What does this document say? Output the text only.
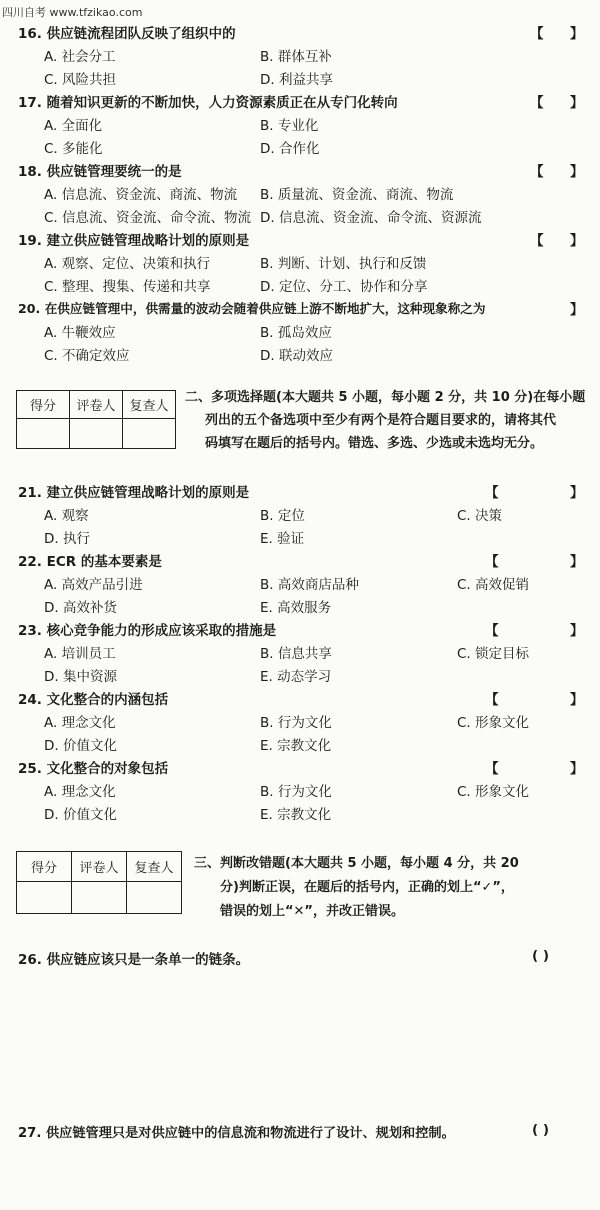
四川自考 www.tfzikao.com
16. 供应链流程团队反映了组织中的	【 】
A. 社会分工	B. 群体互补
C. 风险共担	D. 利益共享
17. 随着知识更新的不断加快，人力资源素质正在从专门化转向	【 】
A. 全面化	B. 专业化
C. 多能化	D. 合作化
18. 供应链管理要统一的是	【 】
A. 信息流、资金流、商流、物流 B. 质量流、资金流、商流、物流
C. 信息流、资金流、命令流、物流 D. 信息流、资金流、命令流、资源流
19. 建立供应链管理战略计划的原则是	【 】
A. 观察、定位、决策和执行	B. 判断、计划、执行和反馈
C. 整理、搜集、传递和共享	D. 定位、分工、协作和分享
20. 在供应链管理中，供需量的波动会随着供应链上游不断地扩大，这种现象称之为	】
A. 牛鞭效应	B. 孤岛效应
C. 不确定效应	D. 联动效应
得分	评卷人	复查人

二、多项选择题(本大题共 5 小题，每小题 2 分，共 10 分)在每小题
列出的五个备选项中至少有两个是符合题目要求的，请将其代
码填写在题后的括号内。错选、多选、少选或未选均无分。
21. 建立供应链管理战略计划的原则是	【	】
A. 观察	B. 定位	C. 决策
D. 执行	E. 验证
22. ECR 的基本要素是	【	】
A. 高效产品引进	B. 高效商店品种	C. 高效促销
D. 高效补货	E. 高效服务
23. 核心竞争能力的形成应该采取的措施是	【	】
A. 培训员工	B. 信息共享	C. 锁定目标
D. 集中资源	E. 动态学习
24. 文化整合的内涵包括	【	】
A. 理念文化	B. 行为文化	C. 形象文化
D. 价值文化	E. 宗教文化
25. 文化整合的对象包括	【	】
A. 理念文化	B. 行为文化	C. 形象文化
D. 价值文化	E. 宗教文化
得分	评卷人	复查人
		三、判断改错题(本大题共 5 小题，每小题 4 分，共 20
分)判断正误，在题后的括号内，正确的划上“✓”，
错误的划上“✕”，并改正错误。
26. 供应链应该只是一条单一的链条。	( )
27. 供应链管理只是对供应链中的信息流和物流进行了设计、规划和控制。	( )
